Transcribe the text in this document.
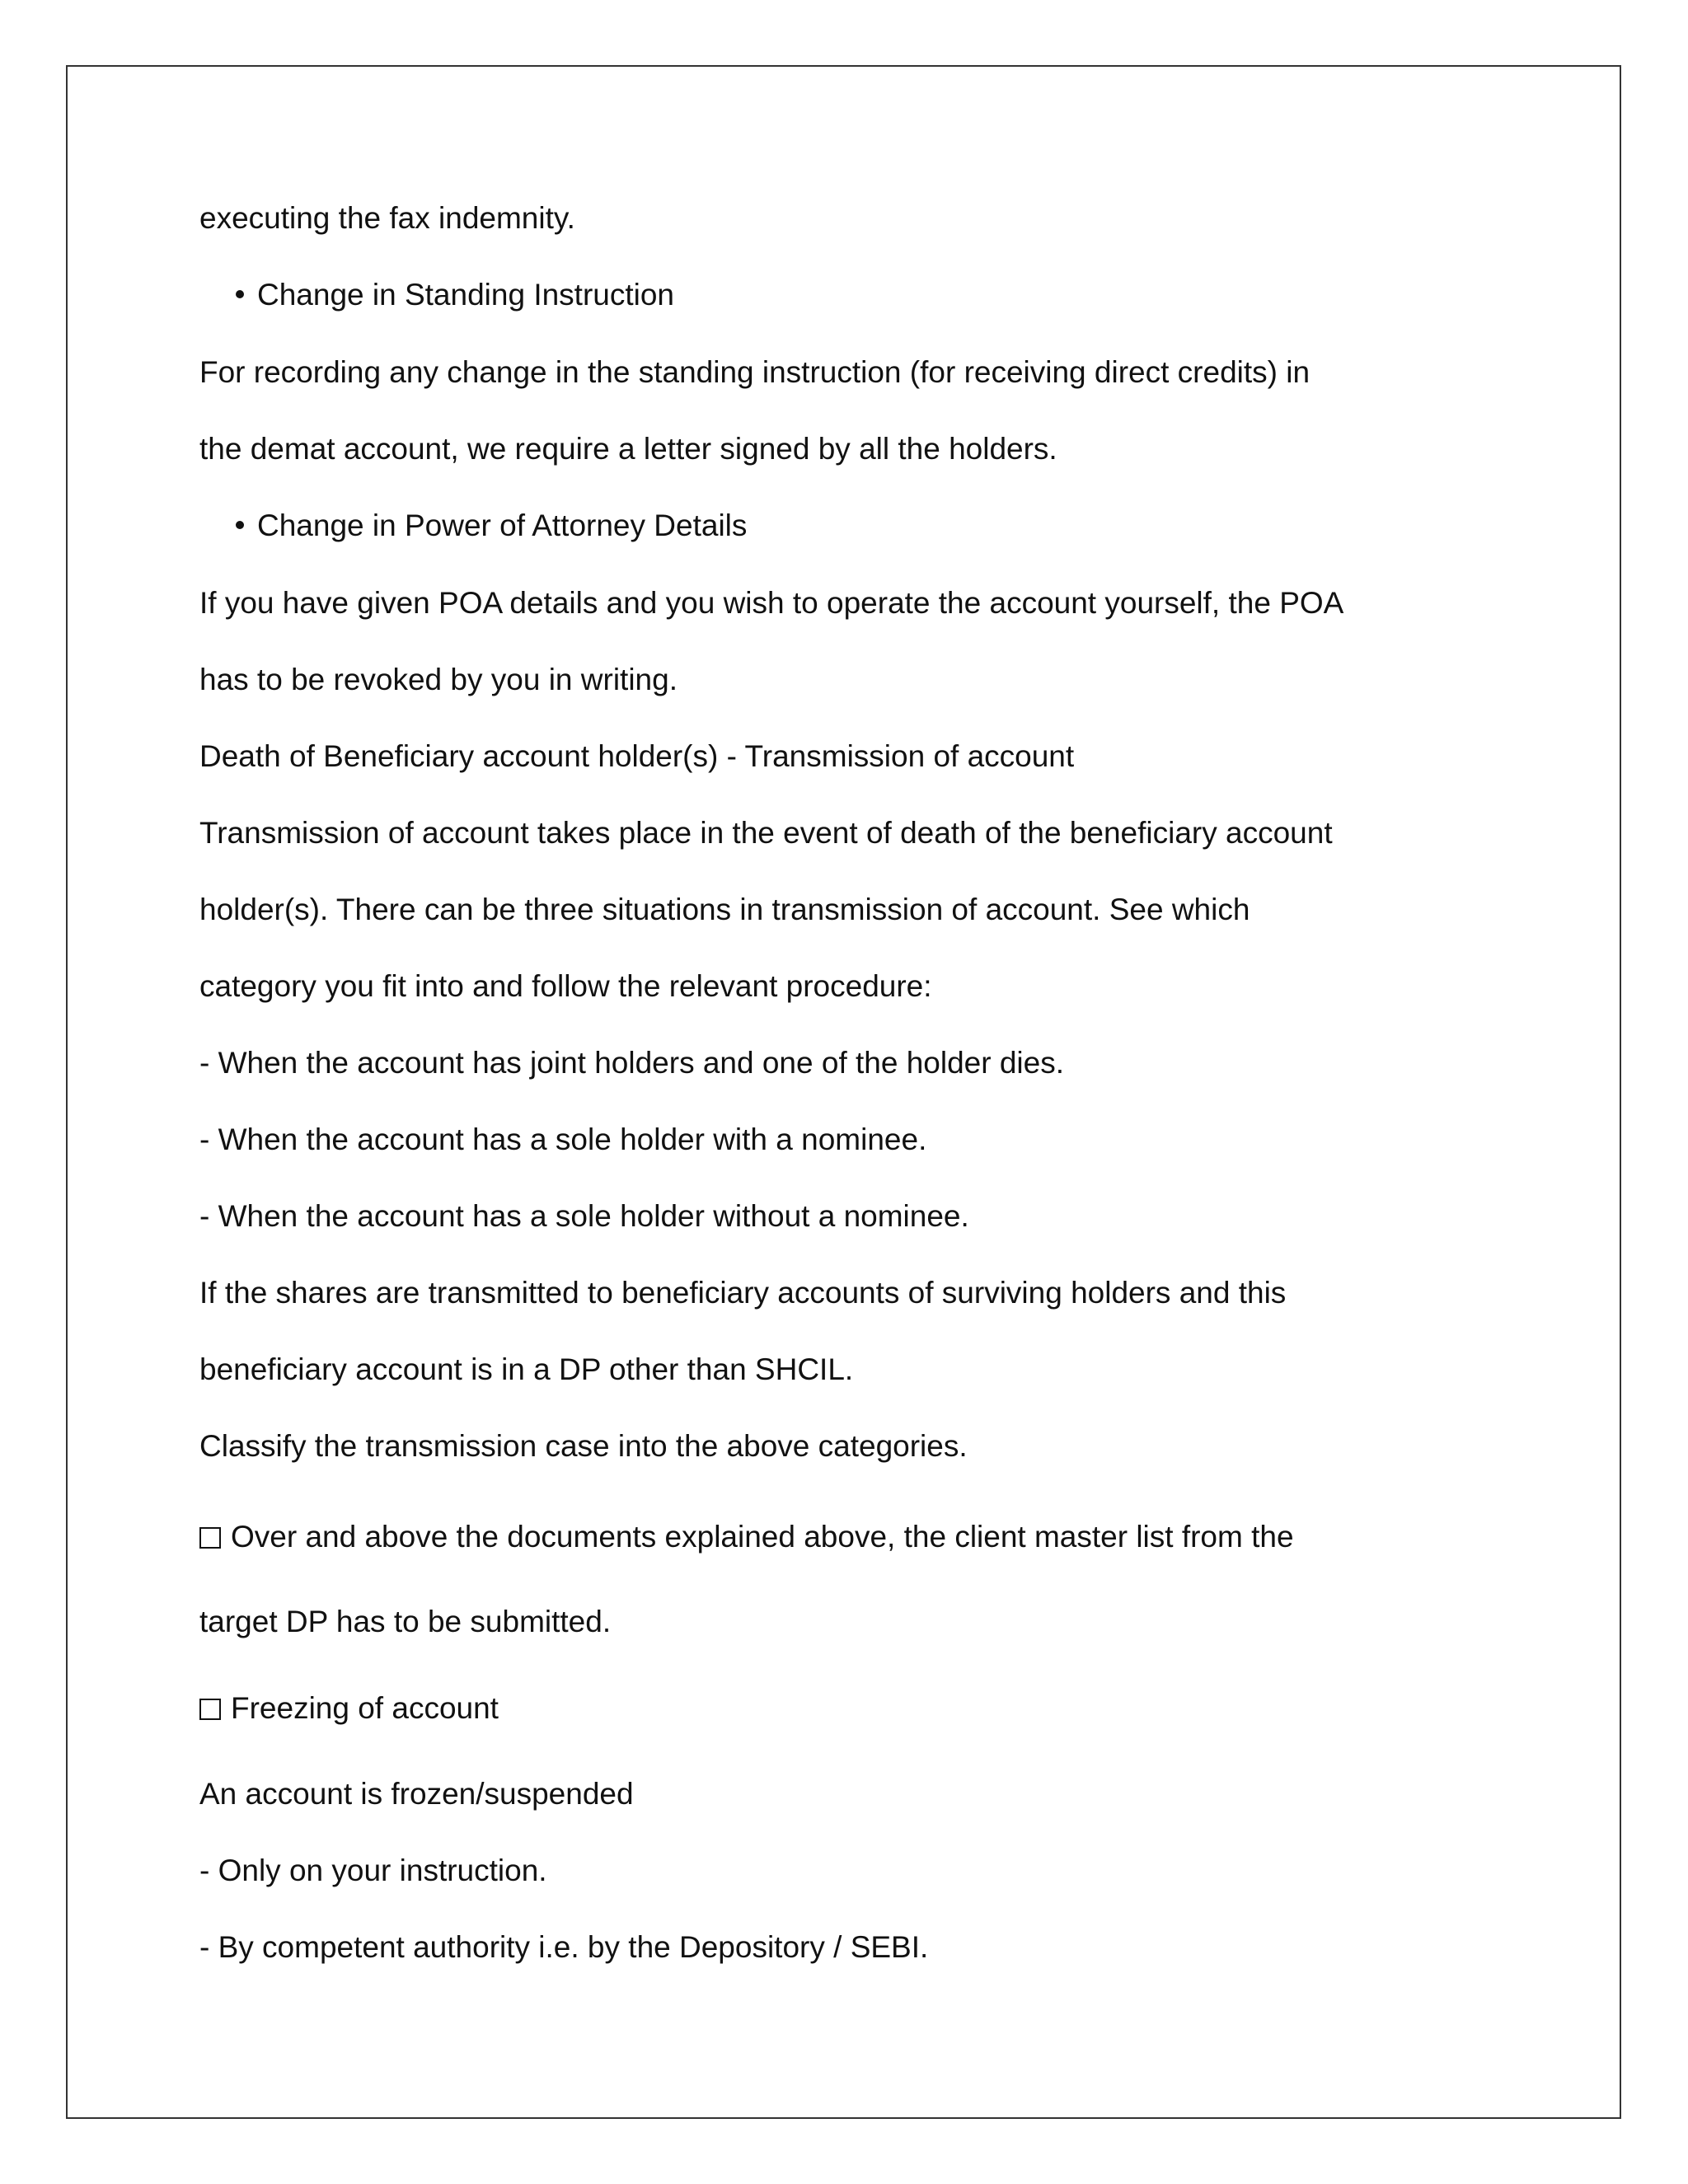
executing the fax indemnity.
Change in Standing Instruction
For recording any change in the standing instruction (for receiving direct credits) in
the demat account, we require a letter signed by all the holders.
Change in Power of Attorney Details
If you have given POA details and you wish to operate the account yourself, the POA
has to be revoked by you in writing.
Death of Beneficiary account holder(s) - Transmission of account
Transmission of account takes place in the event of death of the beneficiary account
holder(s). There can be three situations in transmission of account. See which
category you fit into and follow the relevant procedure:
- When the account has joint holders and one of the holder dies.
- When the account has a sole holder with a nominee.
- When the account has a sole holder without a nominee.
If the shares are transmitted to beneficiary accounts of surviving holders and this
beneficiary account is in a DP other than SHCIL.
Classify the transmission case into the above categories.
Over and above the documents explained above, the client master list from the
target DP has to be submitted.
Freezing of account
An account is frozen/suspended
- Only on your instruction.
- By competent authority i.e. by the Depository / SEBI.
